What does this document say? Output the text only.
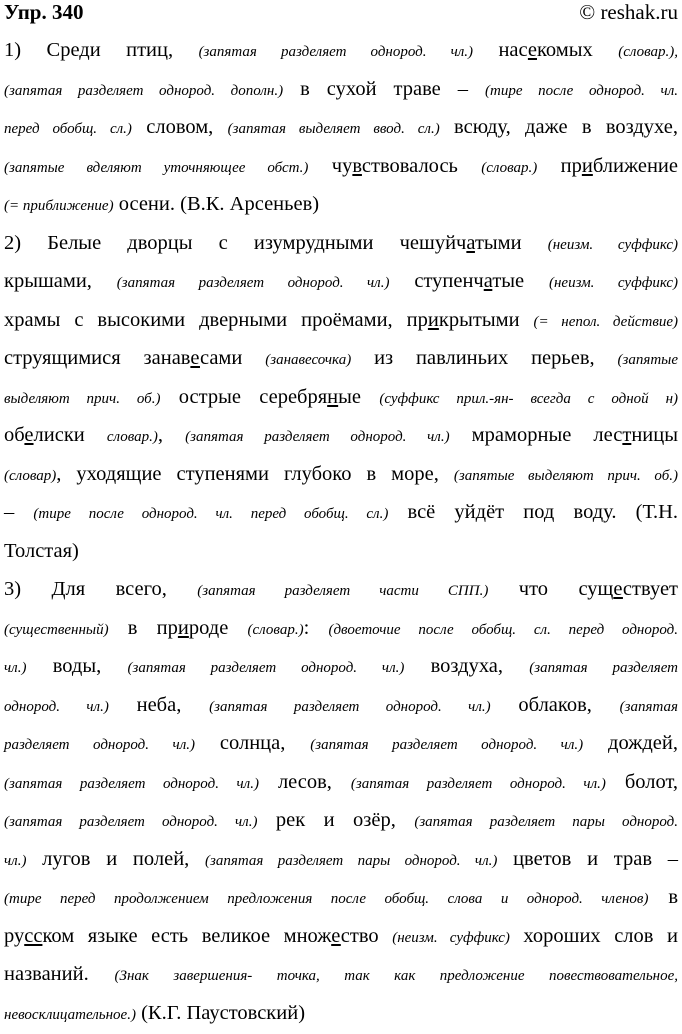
Упр. 340	© reshak.ru
1) Среди птиц, (запятая разделяет однород. чл.) насекомых (словар.),
(запятая разделяет однород. дополн.) в сухой траве – (тире после однород. чл.
перед обобщ. сл.) словом, (запятая выделяет ввод. сл.) всюду, даже в воздухе,
(запятые вделяют уточняющее обст.) чувствовалось (словар.) приближение
(= приближение) осени. (В.К. Арсеньев)
2) Белые дворцы с изумрудными чешуйчатыми (неизм. суффикс)
крышами, (запятая разделяет однород. чл.) ступенчатые (неизм. суффикс)
храмы с высокими дверными проёмами, прикрытыми (= непол. действие)
струящимися занавесами (занавесочка) из павлиньих перьев, (запятые
выделяют прич. об.) острые серебряные (суффикс прил.-ян- всегда с одной н)
обелиски словар.), (запятая разделяет однород. чл.) мраморные лестницы
(словар), уходящие ступенями глубоко в море, (запятые выделяют прич. об.)
– (тире после однород. чл. перед обобщ. сл.) всё уйдёт под воду. (Т.Н.
Толстая)
3) Для всего, (запятая разделяет части СПП.) что существует
(существенный) в природе (словар.): (двоеточие после обобщ. сл. перед однород.
чл.) воды, (запятая разделяет однород. чл.) воздуха, (запятая разделяет
однород. чл.) неба, (запятая разделяет однород. чл.) облаков, (запятая
разделяет однород. чл.) солнца, (запятая разделяет однород. чл.) дождей,
(запятая разделяет однород. чл.) лесов, (запятая разделяет однород. чл.) болот,
(запятая разделяет однород. чл.) рек и озёр, (запятая разделяет пары однород.
чл.) лугов и полей, (запятая разделяет пары однород. чл.) цветов и трав –
(тире перед продолжением предложения после обобщ. слова и однород. членов) в
русском языке есть великое множество (неизм. суффикс) хороших слов и
названий. (Знак завершения- точка, так как предложение повествовательное,
невосклицательное.) (К.Г. Паустовский)
